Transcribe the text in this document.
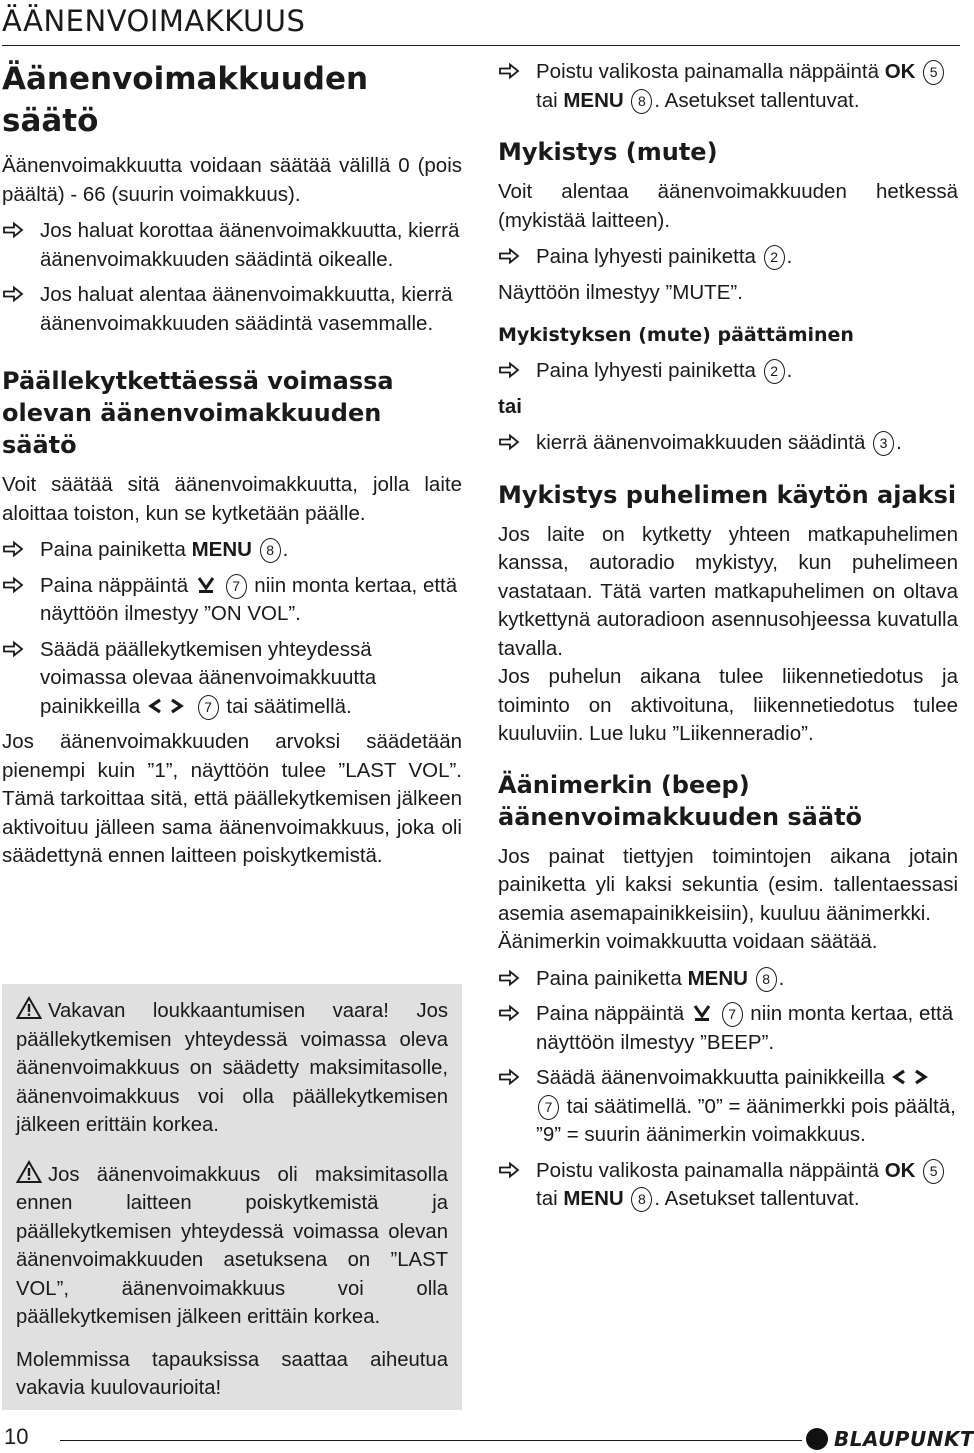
ÄÄNENVOIMAKKUUS

Äänenvoimakkuuden säätö

Äänenvoimakkuutta voidaan säätää välillä 0 (pois päältä) - 66 (suurin voimakkuus).

Jos haluat korottaa äänenvoimakkuutta, kierrä äänenvoimakkuuden säädintä oikealle.
Jos haluat alentaa äänenvoimakkuutta, kierrä äänenvoimakkuuden säädintä vasemmalle.

Päällekytkettäessä voimassa olevan äänenvoimakkuuden säätö

Voit säätää sitä äänenvoimakkuutta, jolla laite aloittaa toiston, kun se kytketään päälle.

Paina painiketta MENU 8 .
Paina näppäintä	7 niin monta kertaa, että näyttöön ilmestyy ”ON VOL”.
Säädä päällekytkemisen yhteydessä voimassa olevaa äänenvoimakkuutta painikkeilla	7 tai säätimellä.

Jos äänenvoimakkuuden arvoksi säädetään pienempi kuin ”1”, näyttöön tulee ”LAST VOL”. Tämä tarkoittaa sitä, että päällekytkemisen jälkeen aktivoituu jälleen sama äänenvoimakkuus, joka oli säädettynä ennen laitteen poiskytkemistä.

Vakavan loukkaantumisen vaara! Jos päällekytkemisen yhteydessä voimassa oleva äänenvoimakkuus on säädetty maksimitasolle, äänenvoimakkuus voi olla päällekytkemisen jälkeen erittäin korkea.

Jos äänenvoimakkuus oli maksimitasolla ennen laitteen poiskytkemistä ja päällekytkemisen yhteydessä voimassa olevan äänenvoimakkuuden asetuksena on ”LAST VOL”, äänenvoimakkuus voi olla päällekytkemisen jälkeen erittäin korkea.

Molemmissa tapauksissa saattaa aiheutua vakavia kuulovaurioita!

Poistu valikosta painamalla näppäintä OK 5 tai MENU 8 . Asetukset tallentuvat.

Mykistys (mute)

Voit alentaa äänenvoimakkuuden hetkessä (mykistää laitteen).

Paina lyhyesti painiketta 2 .

Näyttöön ilmestyy ”MUTE”.

Mykistyksen (mute) päättäminen

Paina lyhyesti painiketta 2 .

tai

kierrä äänenvoimakkuuden säädintä 3 .

Mykistys puhelimen käytön ajaksi

Jos laite on kytketty yhteen matkapuhelimen kanssa, autoradio mykistyy, kun puhelimeen vastataan. Tätä varten matkapuhelimen on oltava kytkettynä autoradioon asennusohjeessa kuvatulla tavalla.

Jos puhelun aikana tulee liikennetiedotus ja toiminto on aktivoituna, liikennetiedotus tulee kuuluviin. Lue luku ”Liikenneradio”.

Äänimerkin (beep) äänenvoimakkuuden säätö

Jos painat tiettyjen toimintojen aikana jotain painiketta yli kaksi sekuntia (esim. tallentaessasi asemia asemapainikkeisiin), kuuluu äänimerkki.

Äänimerkin voimakkuutta voidaan säätää.

Paina painiketta MENU 8 .
Paina näppäintä	7 niin monta kertaa, että näyttöön ilmestyy ”BEEP”.
Säädä äänenvoimakkuutta painikkeilla  7 tai säätimellä. ”0” = äänimerkki pois päältä, ”9” = suurin äänimerkin voimakkuus.
Poistu valikosta painamalla näppäintä OK 5 tai MENU 8 . Asetukset tallentuvat.
10	BLAUPUNKT
